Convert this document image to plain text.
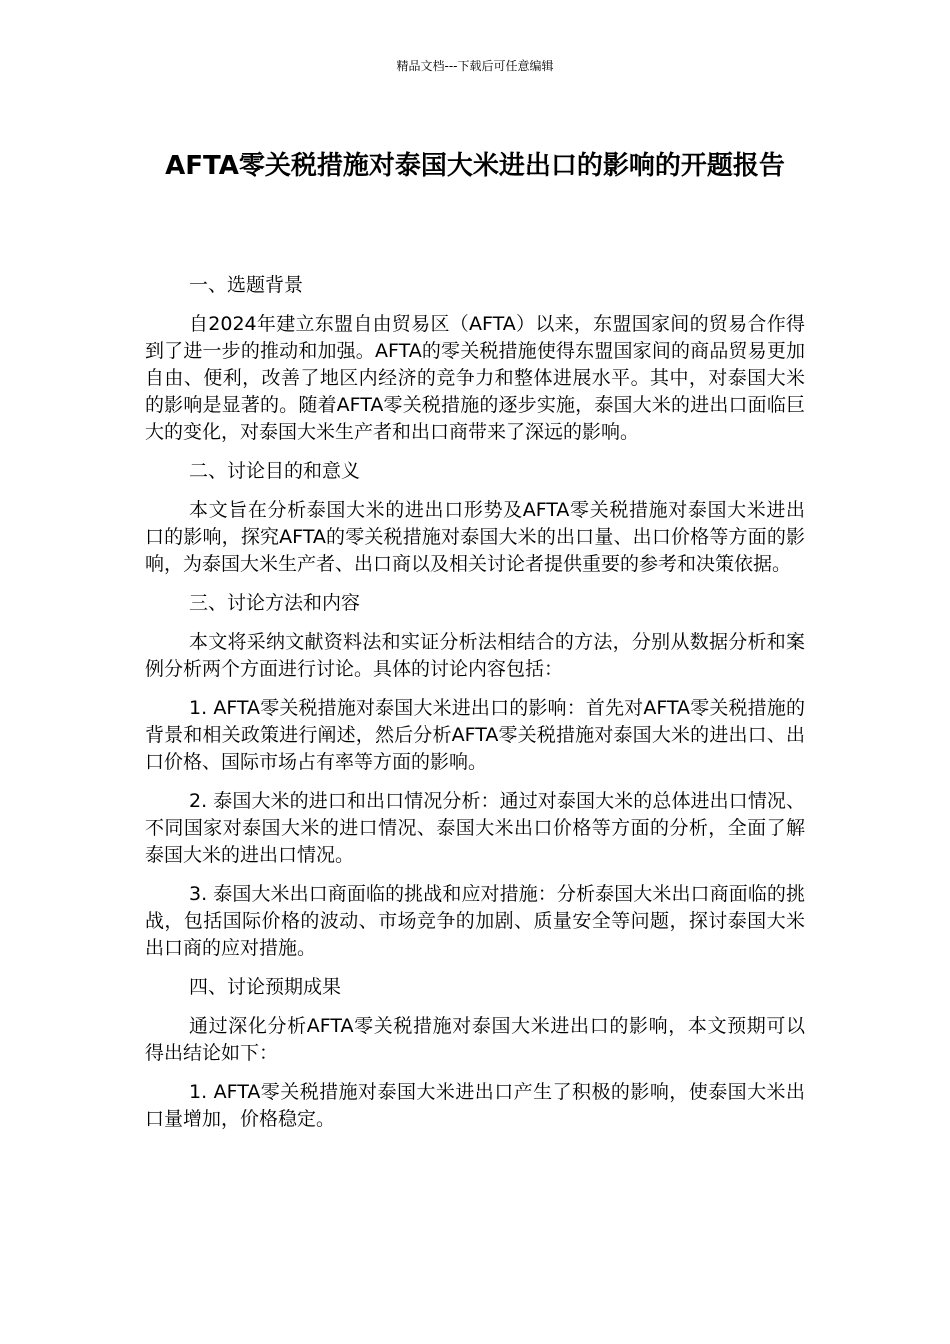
精品文档---下载后可任意编辑
AFTA零关税措施对泰国大米进出口的影响的开题报告
一、选题背景
自2024年建立东盟自由贸易区（AFTA）以来，东盟国家间的贸易合作得到了进一步的推动和加强。AFTA的零关税措施使得东盟国家间的商品贸易更加自由、便利，改善了地区内经济的竞争力和整体进展水平。其中，对泰国大米的影响是显著的。随着AFTA零关税措施的逐步实施，泰国大米的进出口面临巨大的变化，对泰国大米生产者和出口商带来了深远的影响。
二、讨论目的和意义
本文旨在分析泰国大米的进出口形势及AFTA零关税措施对泰国大米进出口的影响，探究AFTA的零关税措施对泰国大米的出口量、出口价格等方面的影响，为泰国大米生产者、出口商以及相关讨论者提供重要的参考和决策依据。
三、讨论方法和内容
本文将采纳文献资料法和实证分析法相结合的方法，分别从数据分析和案例分析两个方面进行讨论。具体的讨论内容包括：
1. AFTA零关税措施对泰国大米进出口的影响：首先对AFTA零关税措施的背景和相关政策进行阐述，然后分析AFTA零关税措施对泰国大米的进出口、出口价格、国际市场占有率等方面的影响。
2. 泰国大米的进口和出口情况分析：通过对泰国大米的总体进出口情况、不同国家对泰国大米的进口情况、泰国大米出口价格等方面的分析，全面了解泰国大米的进出口情况。
3. 泰国大米出口商面临的挑战和应对措施：分析泰国大米出口商面临的挑战，包括国际价格的波动、市场竞争的加剧、质量安全等问题，探讨泰国大米出口商的应对措施。
四、讨论预期成果
通过深化分析AFTA零关税措施对泰国大米进出口的影响，本文预期可以得出结论如下：
1. AFTA零关税措施对泰国大米进出口产生了积极的影响，使泰国大米出口量增加，价格稳定。
